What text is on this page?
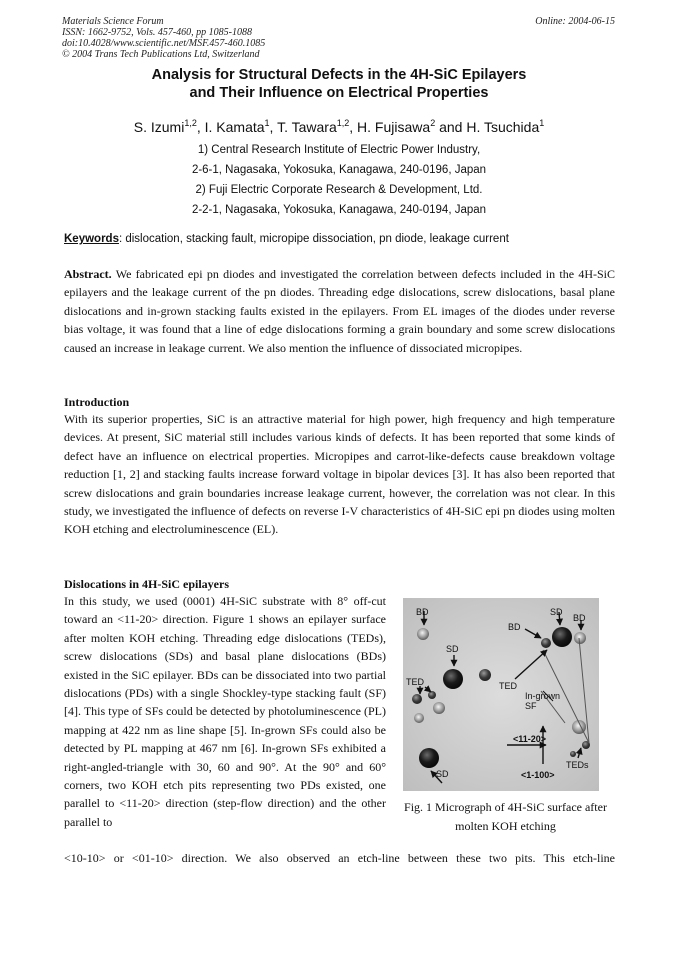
Materials Science Forum
ISSN: 1662-9752, Vols. 457-460, pp 1085-1088
doi:10.4028/www.scientific.net/MSF.457-460.1085
© 2004 Trans Tech Publications Ltd, Switzerland
Online: 2004-06-15
Analysis for Structural Defects in the 4H-SiC Epilayers
and Their Influence on Electrical Properties
S. Izumi$^{1,2}$, I. Kamata$^1$, T. Tawara$^{1,2}$, H. Fujisawa$^2$ and H. Tsuchida$^1$
1) Central Research Institute of Electric Power Industry,
2-6-1, Nagasaka, Yokosuka, Kanagawa, 240-0196, Japan
2) Fuji Electric Corporate Research & Development, Ltd.
2-2-1, Nagasaka, Yokosuka, Kanagawa, 240-0194, Japan
Keywords: dislocation, stacking fault, micropipe dissociation, pn diode, leakage current
Abstract. We fabricated epi pn diodes and investigated the correlation between defects included in the 4H-SiC epilayers and the leakage current of the pn diodes. Threading edge dislocations, screw dislocations, basal plane dislocations and in-grown stacking faults existed in the epilayers. From EL images of the diodes under reverse bias voltage, it was found that a line of edge dislocations forming a grain boundary and some screw dislocations caused an increase in leakage current. We also mention the influence of dissociated micropipes.
Introduction
With its superior properties, SiC is an attractive material for high power, high frequency and high temperature devices. At present, SiC material still includes various kinds of defects. It has been reported that some kinds of defect have an influence on electrical properties. Micropipes and carrot-like-defects cause breakdown voltage reduction [1, 2] and stacking faults increase forward voltage in bipolar devices [3]. It has also been reported that screw dislocations and grain boundaries increase leakage current, however, the correlation was not clear. In this study, we investigated the influence of defects on reverse I-V characteristics of 4H-SiC epi pn diodes using molten KOH etching and electroluminescence (EL).
Dislocations in 4H-SiC epilayers
In this study, we used (0001) 4H-SiC substrate with 8° off-cut toward an <11-20> direction. Figure 1 shows an epilayer surface after molten KOH etching. Threading edge dislocations (TEDs), screw dislocations (SDs) and basal plane dislocations (BDs) existed in the SiC epilayer. BDs can be dissociated into two partial dislocations (PDs) with a single Shockley-type stacking fault (SF) [4]. This type of SFs could be detected by photoluminescence (PL) mapping at 422 nm as line shape [5]. In-grown SFs could also be detected by PL mapping at 467 nm [6]. In-grown SFs exhibited a right-angled-triangle with 30, 60 and 90°. At the 90° and 60° corners, two KOH etch pits representing two PDs existed, one parallel to <11-20> direction (step-flow direction) and the other parallel to
<10-10> or <01-10> direction. We also observed an etch-line between these two pits. This etch-line
BD	SD
BD
BD
SD
TED	TED
In-grown
SF
<11-20>
<1-100>
TEDs
SD
Fig. 1 Micrograph of 4H-SiC surface after molten KOH etching
